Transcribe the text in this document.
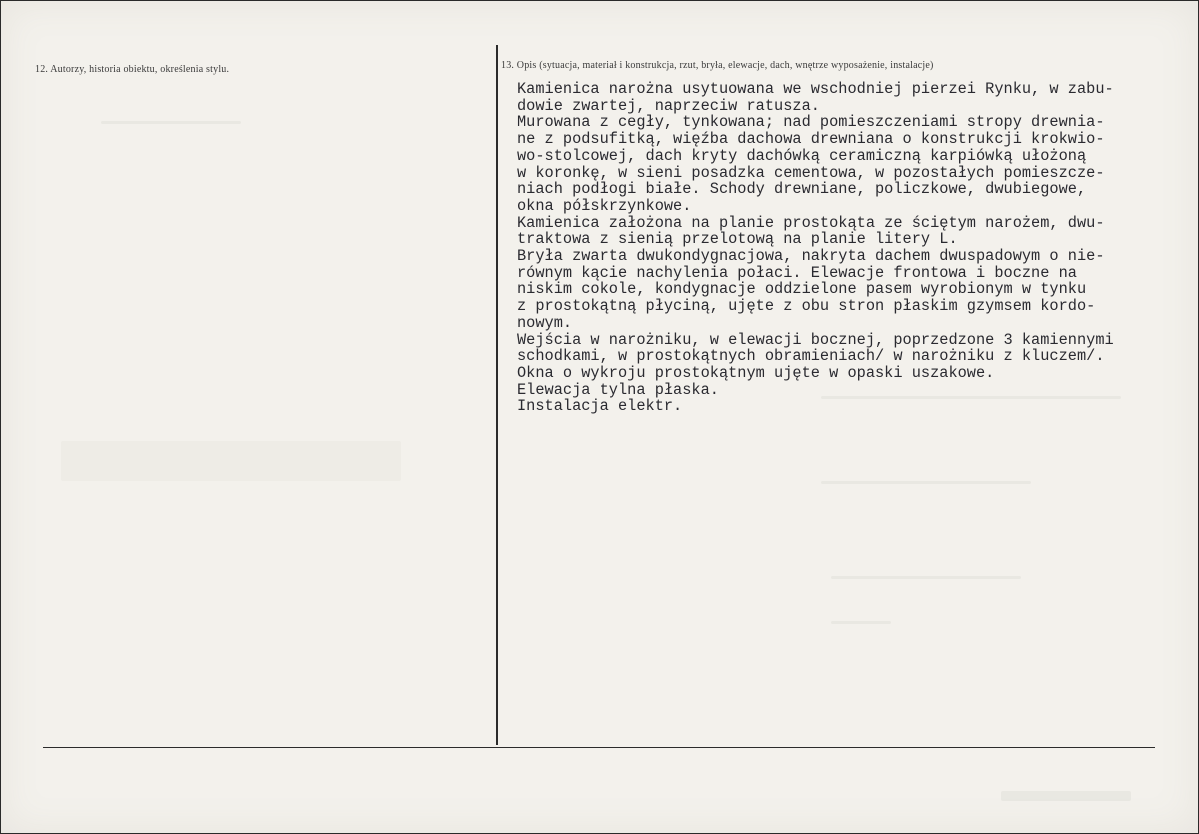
12. Autorzy, historia obiektu, określenia stylu.	13. Opis (sytuacja, materiał i konstrukcja, rzut, bryła, elewacje, dach, wnętrze wyposażenie, instalacje)
Kamienica narożna usytuowana we wschodniej pierzei Rynku, w zabu-
dowie zwartej, naprzeciw ratusza.
Murowana z cegły, tynkowana; nad pomieszczeniami stropy drewnia-
ne z podsufitką, więźba dachowa drewniana o konstrukcji krokwio-
wo-stolcowej, dach kryty dachówką ceramiczną karpiówką ułożoną
w koronkę, w sieni posadzka cementowa, w pozostałych pomieszcze-
niach podłogi białe. Schody drewniane, policzkowe, dwubiegowe,
okna półskrzynkowe.
Kamienica założona na planie prostokąta ze ściętym narożem, dwu-
traktowa z sienią przelotową na planie litery L.
Bryła zwarta dwukondygnacjowa, nakryta dachem dwuspadowym o nie-
równym kącie nachylenia połaci. Elewacje frontowa i boczne na
niskim cokole, kondygnacje oddzielone pasem wyrobionym w tynku
z prostokątną płyciną, ujęte z obu stron płaskim gzymsem kordo-
nowym.
Wejścia w narożniku, w elewacji bocznej, poprzedzone 3 kamiennymi
schodkami, w prostokątnych obramieniach/ w narożniku z kluczem/.
Okna o wykroju prostokątnym ujęte w opaski uszakowe.
Elewacja tylna płaska.
Instalacja elektr.
